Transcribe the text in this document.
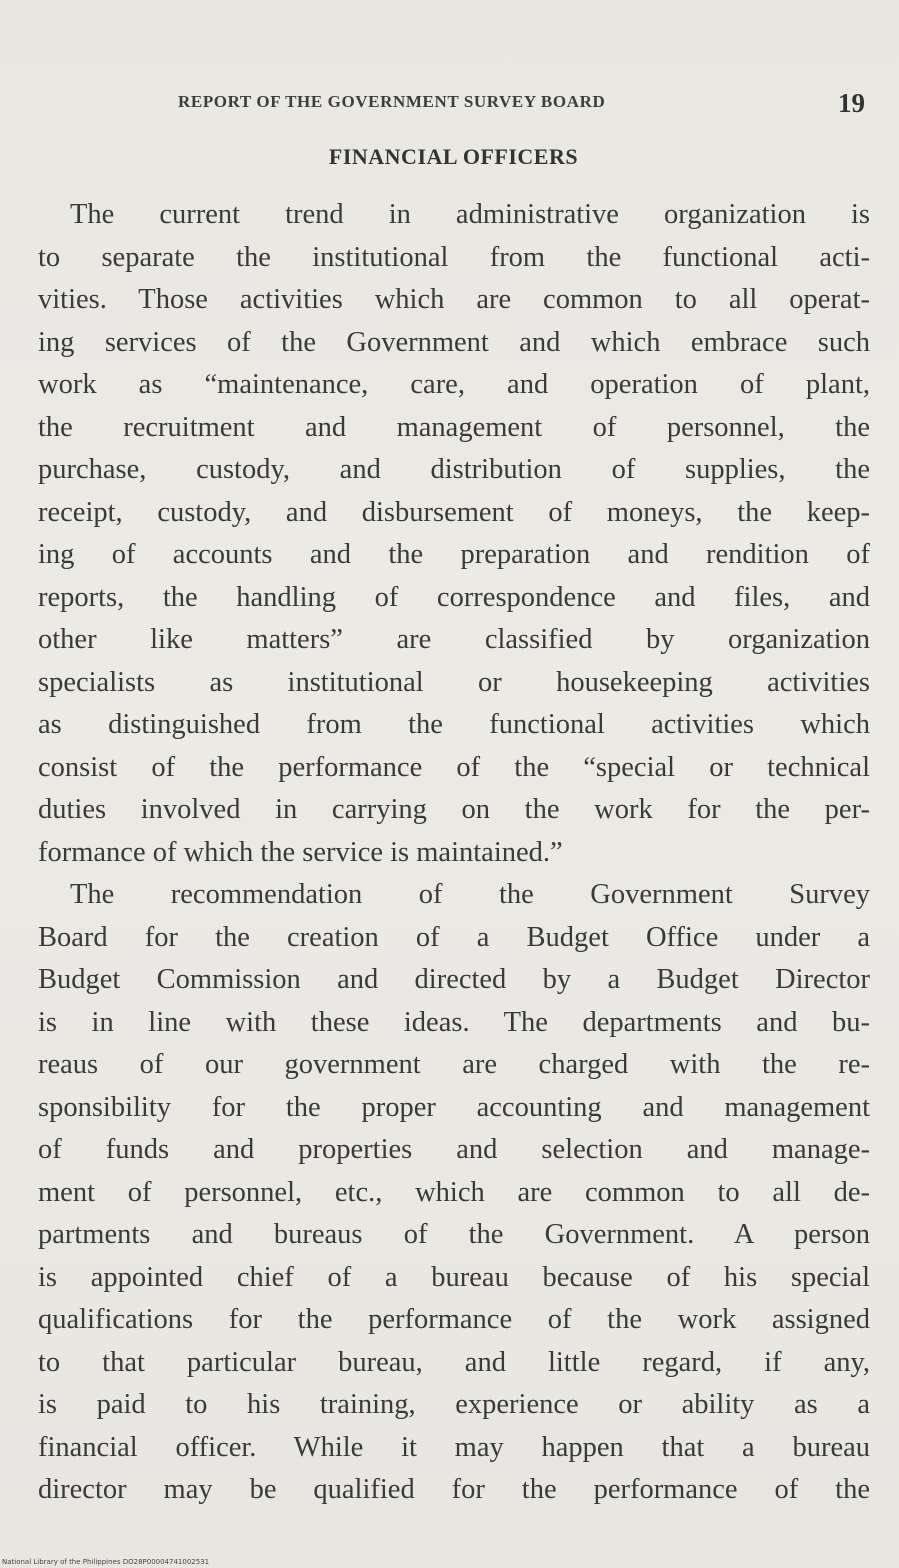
REPORT OF THE GOVERNMENT SURVEY BOARD	19
FINANCIAL OFFICERS
The current trend in administrative organization is
to separate the institutional from the functional acti-
vities. Those activities which are common to all operat-
ing services of the Government and which embrace such
work as “maintenance, care, and operation of plant,
the recruitment and management of personnel, the
purchase, custody, and distribution of supplies, the
receipt, custody, and disbursement of moneys, the keep-
ing of accounts and the preparation and rendition of
reports, the handling of correspondence and files, and
other like matters” are classified by organization
specialists as institutional or housekeeping activities
as distinguished from the functional activities which
consist of the performance of the “special or technical
duties involved in carrying on the work for the per-
formance of which the service is maintained.”
The recommendation of the Government Survey
Board for the creation of a Budget Office under a
Budget Commission and directed by a Budget Director
is in line with these ideas. The departments and bu-
reaus of our government are charged with the re-
sponsibility for the proper accounting and management
of funds and properties and selection and manage-
ment of personnel, etc., which are common to all de-
partments and bureaus of the Government. A person
is appointed chief of a bureau because of his special
qualifications for the performance of the work assigned
to that particular bureau, and little regard, if any,
is paid to his training, experience or ability as a
financial officer. While it may happen that a bureau
director may be qualified for the performance of the
National Library of the Philippines DO28P00004741002531
